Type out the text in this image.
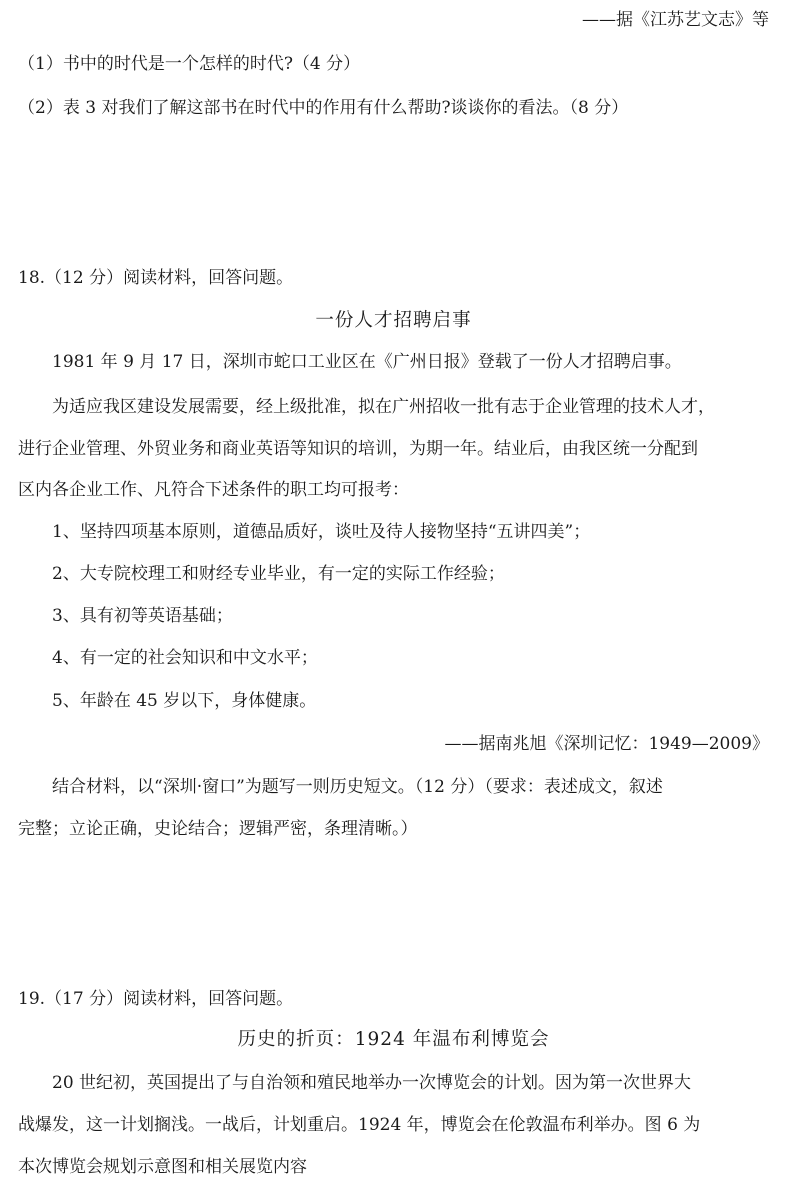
——据《江苏艺文志》等
（1）书中的时代是一个怎样的时代?（4 分）
（2）表 3 对我们了解这部书在时代中的作用有什么帮助?谈谈你的看法。（8 分）
18.（12 分）阅读材料，回答问题。
一份人才招聘启事
1981 年 9 月 17 日，深圳市蛇口工业区在《广州日报》登载了一份人才招聘启事。
为适应我区建设发展需要，经上级批准，拟在广州招收一批有志于企业管理的技术人才，
进行企业管理、外贸业务和商业英语等知识的培训，为期一年。结业后，由我区统一分配到
区内各企业工作、凡符合下述条件的职工均可报考：
1、坚持四项基本原则，道德品质好，谈吐及待人接物坚持“五讲四美”；
2、大专院校理工和财经专业毕业，有一定的实际工作经验；
3、具有初等英语基础；
4、有一定的社会知识和中文水平；
5、年龄在 45 岁以下，身体健康。
——据南兆旭《深圳记忆：1949—2009》
结合材料，以“深圳·窗口”为题写一则历史短文。（12 分）（要求：表述成文，叙述
完整；立论正确，史论结合；逻辑严密，条理清晰。）
19.（17 分）阅读材料，回答问题。
历史的折页：1924 年温布利博览会
20 世纪初，英国提出了与自治领和殖民地举办一次博览会的计划。因为第一次世界大
战爆发，这一计划搁浅。一战后，计划重启。1924 年，博览会在伦敦温布利举办。图 6 为
本次博览会规划示意图和相关展览内容
